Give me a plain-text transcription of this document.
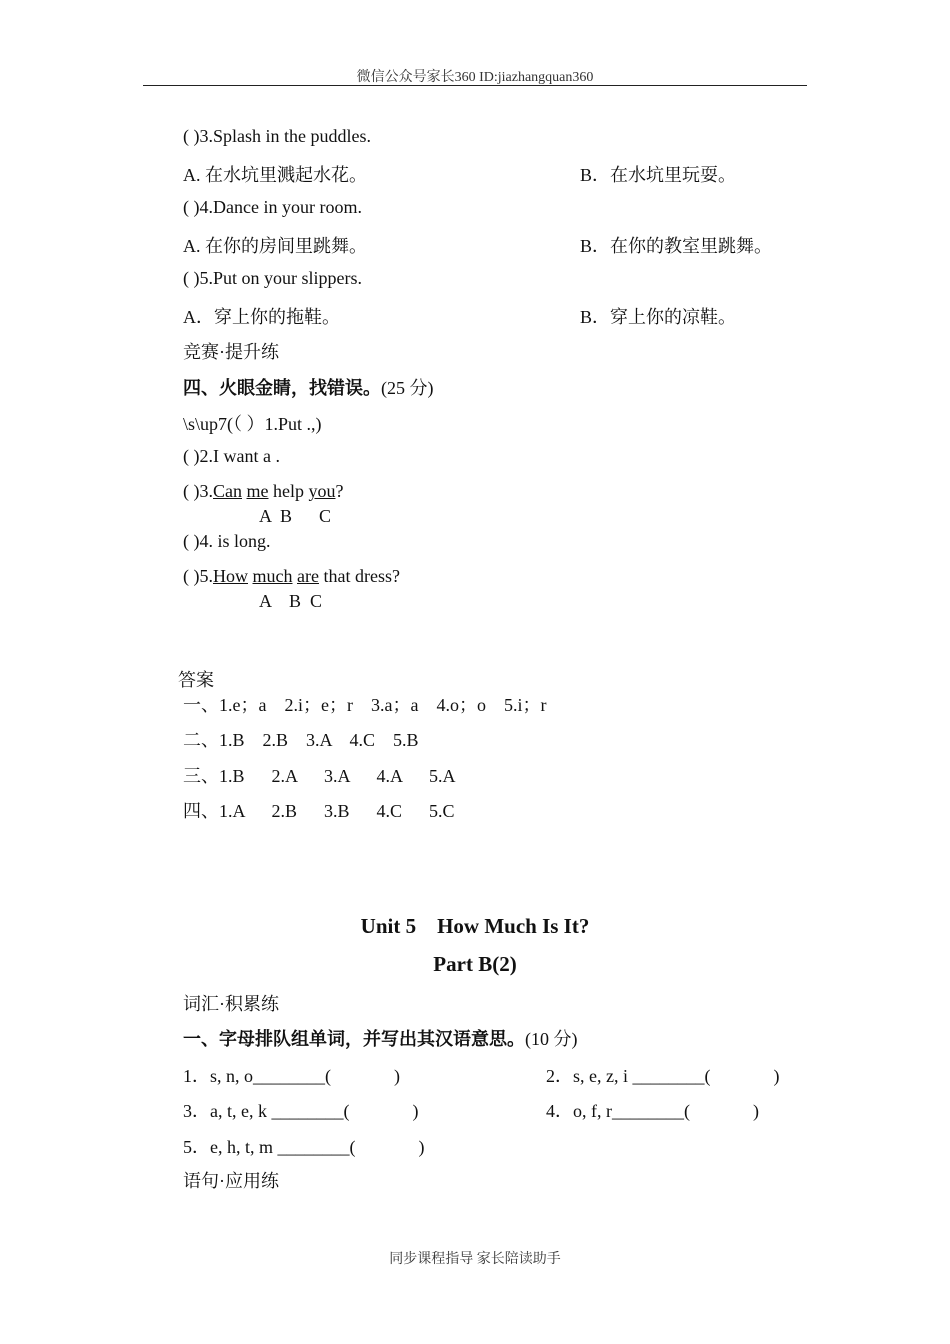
微信公众号家长360 ID:jiazhangquan360
( )3.Splash in the puddles.
A. 在水坑里溅起水花。	B．在水坑里玩耍。
( )4.Dance in your room.
A. 在你的房间里跳舞。	B．在你的教室里跳舞。
( )5.Put on your slippers.
A．穿上你的拖鞋。	B．穿上你的凉鞋。
竞赛·提升练
四、火眼金睛，找错误。(25 分)
\s\up7(（ ）1.Put .,)
( )2.I want a .
( )3.Can me help you?
A  B      C
( )4. is long.
( )5.How much are that dress?
A    B  C
答案
一、1.e；a    2.i；e；r    3.a；a    4.o；o    5.i；r
二、1.B    2.B    3.A    4.C    5.B
三、1.B      2.A      3.A      4.A      5.A
四、1.A      2.B      3.B      4.C      5.C
Unit 5    How Much Is It?
Part B(2)
词汇·积累练
一、字母排队组单词，并写出其汉语意思。(10 分)
1．s, n, o________(              )	2．s, e, z, i ________(              )
3．a, t, e, k ________(              )	4．o, f, r________(              )
5．e, h, t, m ________(              )
语句·应用练
同步课程指导 家长陪读助手
